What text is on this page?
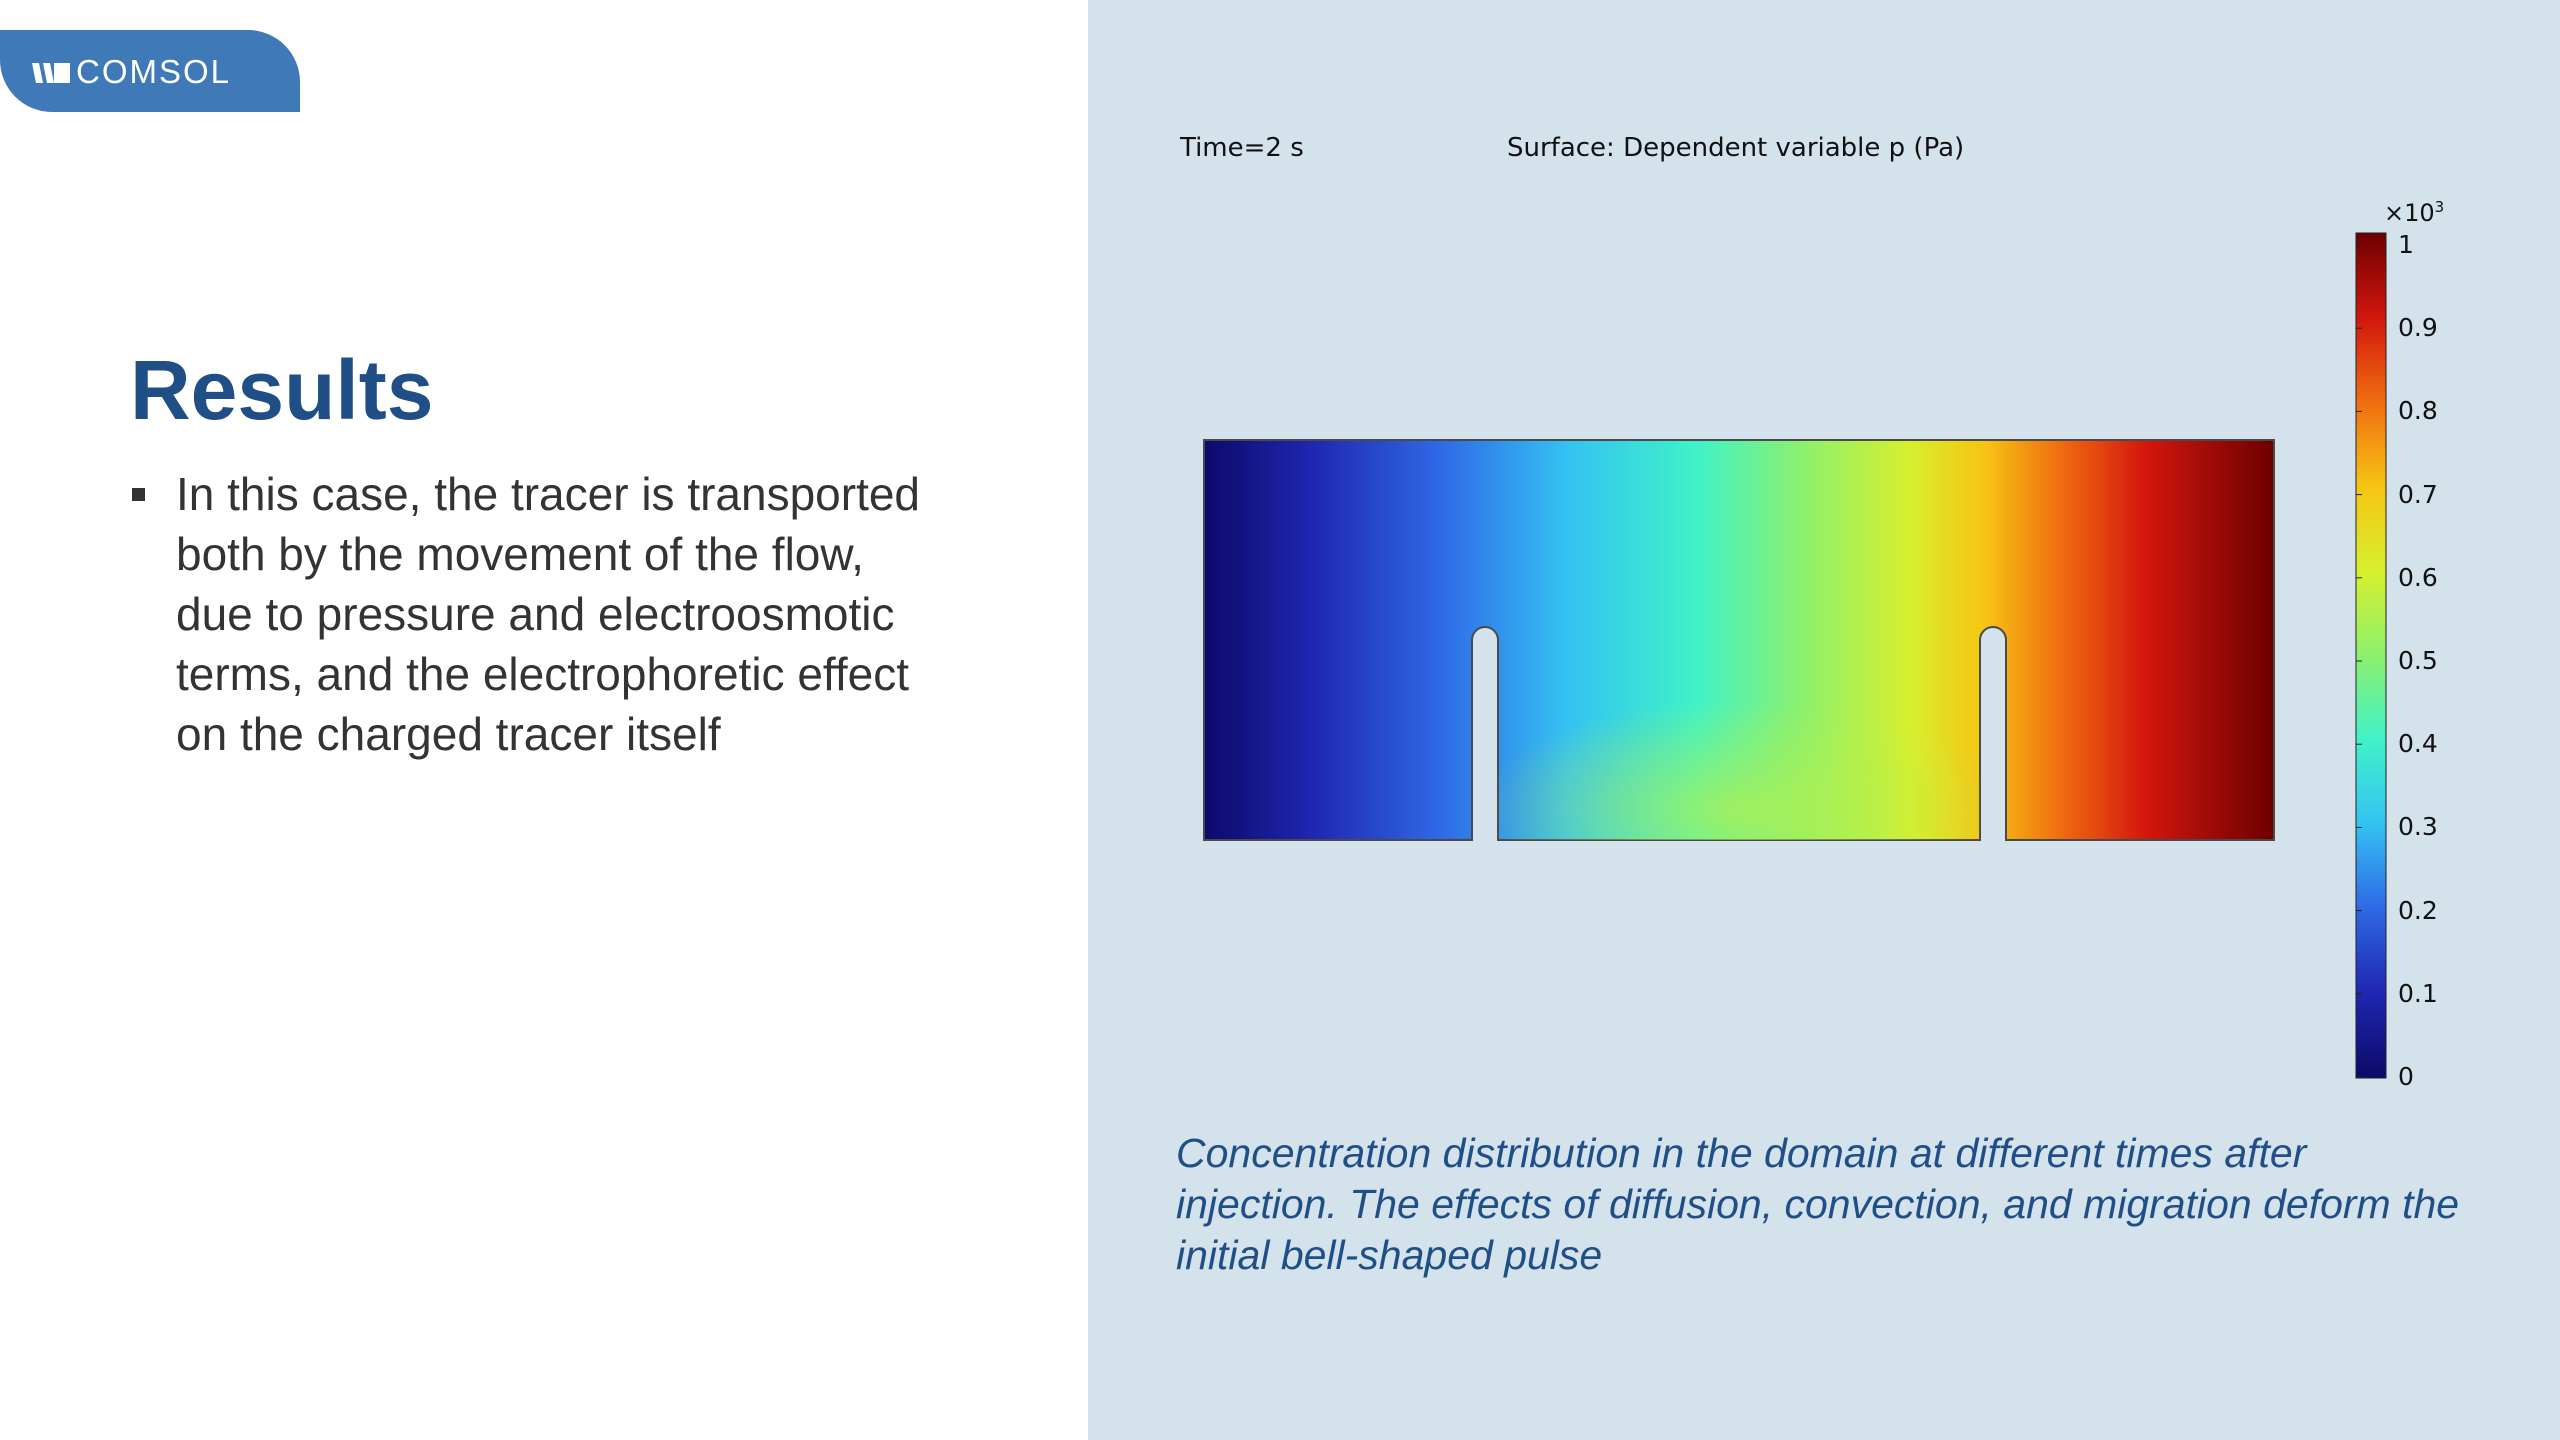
COMSOL
Results

In this case, the tracer is transported both by the movement of the flow, due to pressure and electroosmotic terms, and the electrophoretic effect on the charged tracer itself

Time=2 s	Surface: Dependent variable p (Pa)
$\times 10^3$
1
0.9
0.8
0.7
0.6
0.5
0.4
0.3
0.2
0.1
0

Concentration distribution in the domain at different times after injection. The effects of diffusion, convection, and migration deform the initial bell-shaped pulse
